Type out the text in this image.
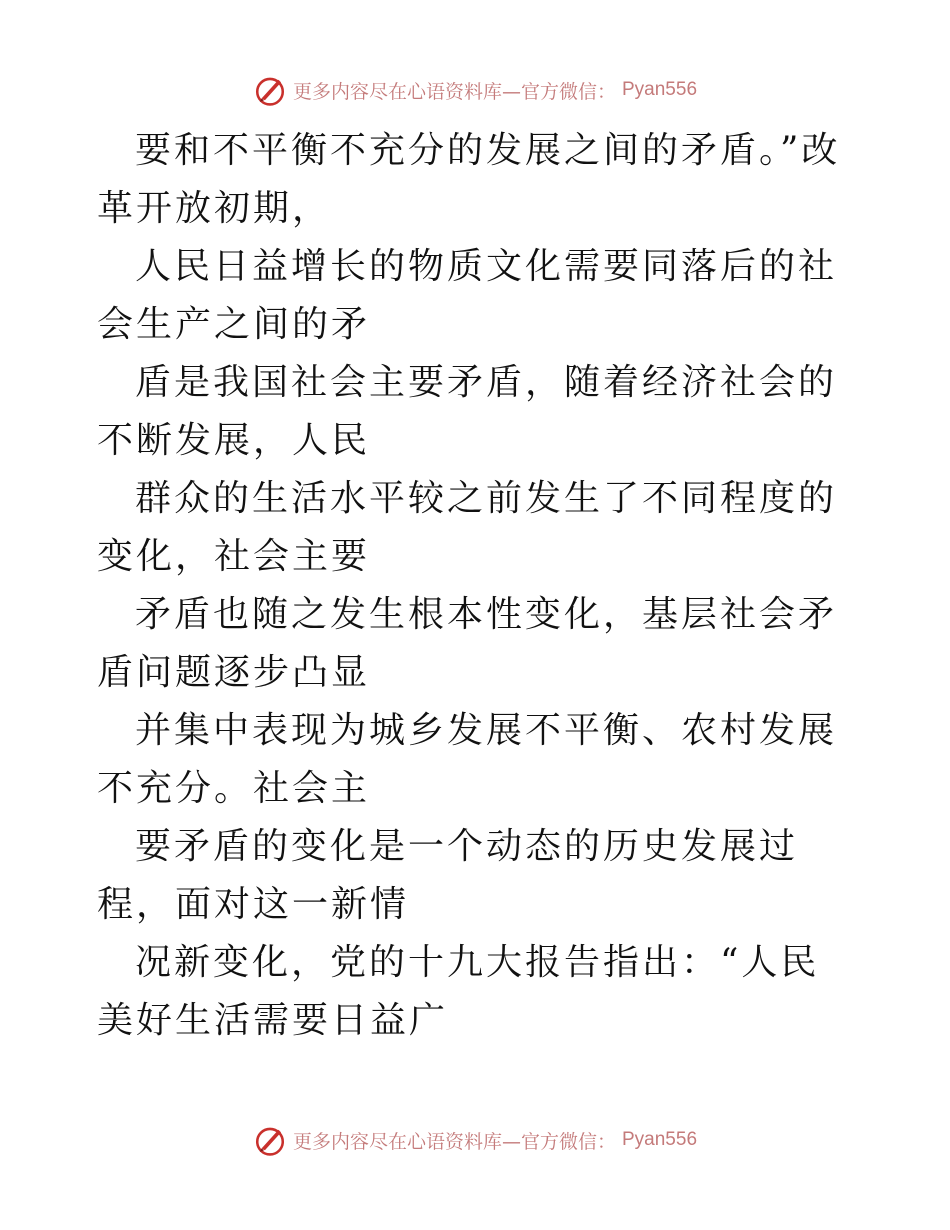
更多内容尽在心语资料库—官方微信： Pyan556

要和不平衡不充分的发展之间的矛盾。”改革开放初期，

人民日益增长的物质文化需要同落后的社会生产之间的矛

盾是我国社会主要矛盾，随着经济社会的不断发展，人民

群众的生活水平较之前发生了不同程度的变化，社会主要

矛盾也随之发生根本性变化，基层社会矛盾问题逐步凸显

并集中表现为城乡发展不平衡、农村发展不充分。社会主

要矛盾的变化是一个动态的历史发展过程，面对这一新情

况新变化，党的十九大报告指出：“人民美好生活需要日益广

更多内容尽在心语资料库—官方微信： Pyan556
